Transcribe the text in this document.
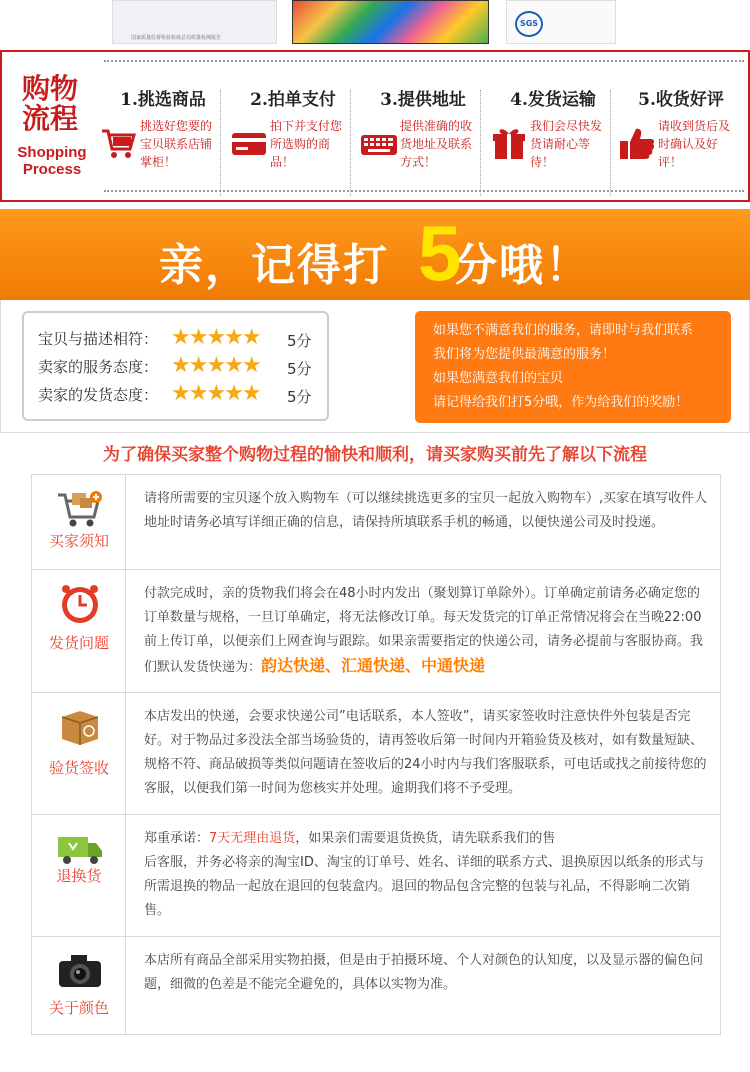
国家质量监督检验检疫总局质量检测报告
SGS
购物流程
Shopping Process
1.挑选商品
挑选好您要的宝贝联系店铺掌柜！
2.拍单支付
拍下并支付您所选购的商品！
3.提供地址
提供准确的收货地址及联系方式！
4.发货运输
我们会尽快发货请耐心等待！
5.收货好评
请收到货后及时确认及好评！
亲，记得打 分哦！
5
宝贝与描述相符： ★★★★★ 5分
卖家的服务态度： ★★★★★ 5分
卖家的发货态度： ★★★★★ 5分

如果您不满意我们的服务，请即时与我们联系

我们将为您提供最满意的服务！

如果您满意我们的宝贝

请记得给我们打5分哦，作为给我们的奖励！

为了确保买家整个购物过程的愉快和顺利，请买家购买前先了解以下流程
买家须知
请将所需要的宝贝逐个放入购物车（可以继续挑选更多的宝贝一起放入购物车）,买家在填写收件人地址时请务必填写详细正确的信息，请保持所填联系手机的畅通，以便快递公司及时投递。
发货问题
付款完成时，亲的货物我们将会在48小时内发出（聚划算订单除外）。订单确定前请务必确定您的订单数量与规格，一旦订单确定，将无法修改订单。每天发货完的订单正常情况将会在当晚22:00前上传订单，以便亲们上网查询与跟踪。如果亲需要指定的快递公司，请务必提前与客服协商。我们默认发货快递为：韵达快递、汇通快递、中通快递
验货签收
本店发出的快递，会要求快递公司”电话联系，本人签收”，请买家签收时注意快件外包装是否完好。对于物品过多没法全部当场验货的，请再签收后第一时间内开箱验货及核对，如有数量短缺、规格不符、商品破损等类似问题请在签收后的24小时内与我们客服联系，可电话或找之前接待您的客服，以便我们第一时间为您核实并处理。逾期我们将不予受理。
退换货
郑重承诺：7天无理由退货，如果亲们需要退货换货，请先联系我们的售
后客服，并务必将亲的淘宝ID、淘宝的订单号、姓名、详细的联系方式、退换原因以纸条的形式与所需退换的物品一起放在退回的包装盒内。退回的物品包含完整的包装与礼品，不得影响二次销售。
关于颜色
本店所有商品全部采用实物拍摄，但是由于拍摄环境、个人对颜色的认知度，以及显示器的偏色问题，细微的色差是不能完全避免的，具体以实物为准。
